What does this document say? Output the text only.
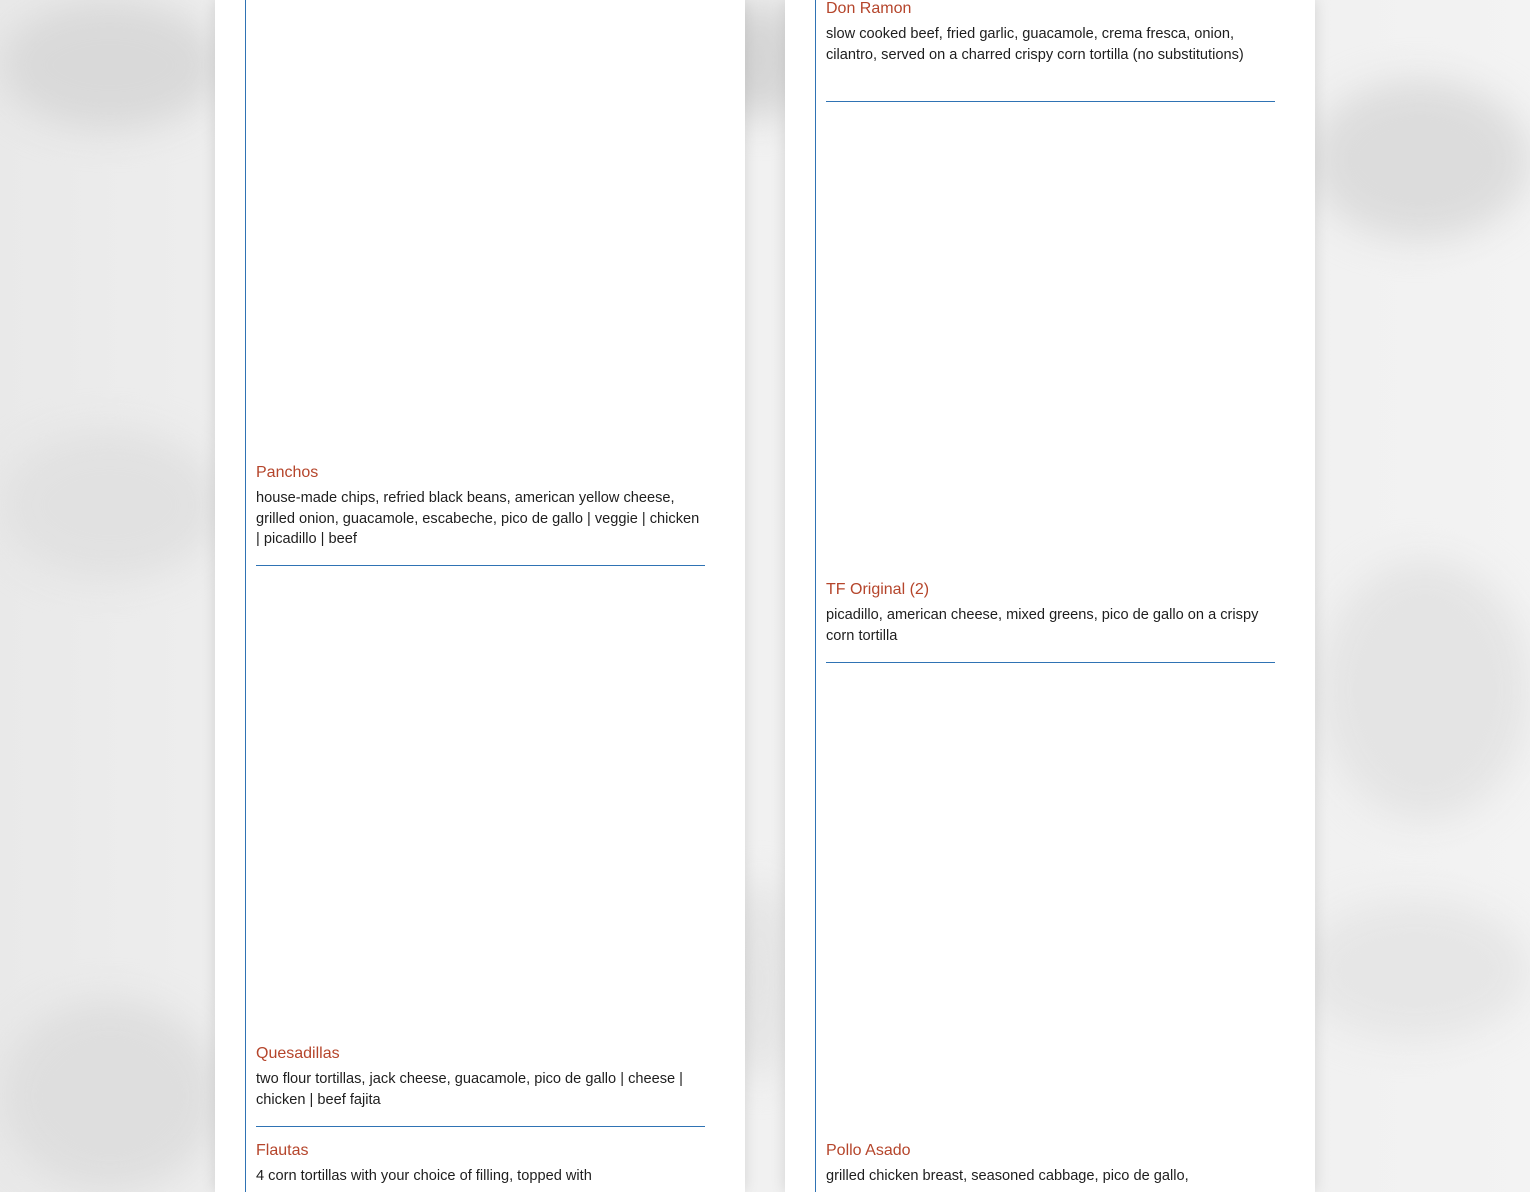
Panchos
house-made chips, refried black beans, american yellow cheese, grilled onion, guacamole, escabeche, pico de gallo | veggie | chicken | picadillo | beef
Quesadillas
two flour tortillas, jack cheese, guacamole, pico de gallo | cheese | chicken | beef fajita
Flautas
4 corn tortillas with your choice of filling, topped with
Don Ramon
slow cooked beef, fried garlic, guacamole, crema fresca, onion, cilantro, served on a charred crispy corn tortilla (no substitutions)
TF Original (2)
picadillo, american cheese, mixed greens, pico de gallo on a crispy corn tortilla
Pollo Asado
grilled chicken breast, seasoned cabbage, pico de gallo,
